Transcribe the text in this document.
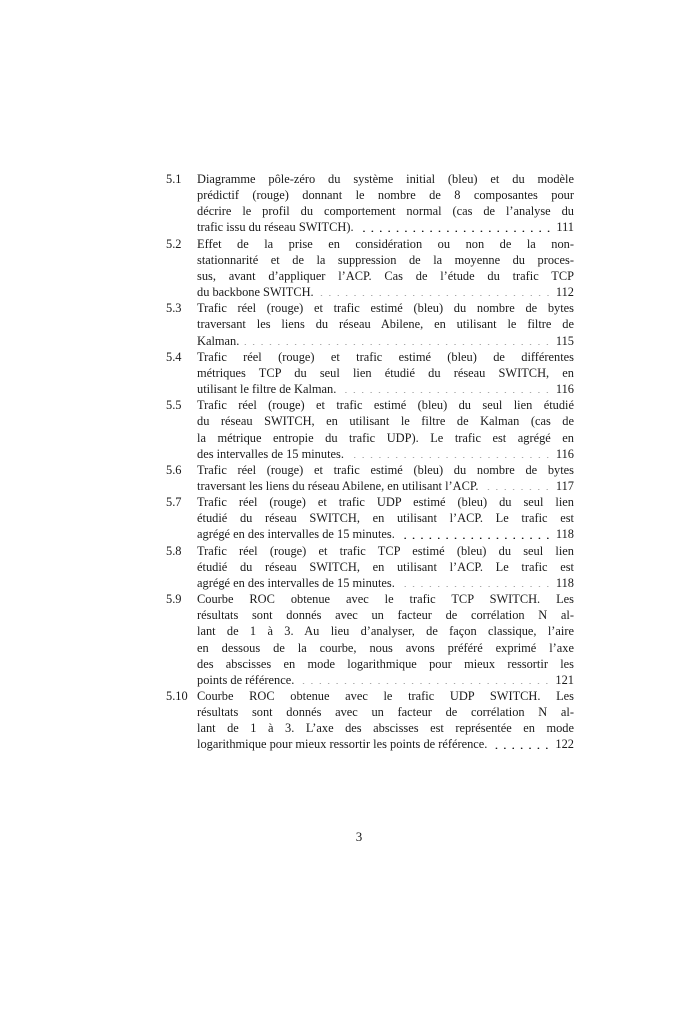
5.1	Diagramme pôle-zéro du système initial (bleu) et du modèle
prédictif (rouge) donnant le nombre de 8 composantes pour
décrire le profil du comportement normal (cas de l’analyse du
trafic issu du réseau SWITCH).	111
5.2	Effet de la prise en considération ou non de la non-
stationnarité et de la suppression de la moyenne du proces-
sus, avant d’appliquer l’ACP. Cas de l’étude du trafic TCP
du backbone SWITCH.	112
5.3	Trafic réel (rouge) et trafic estimé (bleu) du nombre de bytes
traversant les liens du réseau Abilene, en utilisant le filtre de
Kalman.	115
5.4	Trafic réel (rouge) et trafic estimé (bleu) de différentes
métriques TCP du seul lien étudié du réseau SWITCH, en
utilisant le filtre de Kalman.	116
5.5	Trafic réel (rouge) et trafic estimé (bleu) du seul lien étudié
du réseau SWITCH, en utilisant le filtre de Kalman (cas de
la métrique entropie du trafic UDP). Le trafic est agrégé en
des intervalles de 15 minutes.	116
5.6	Trafic réel (rouge) et trafic estimé (bleu) du nombre de bytes
traversant les liens du réseau Abilene, en utilisant l’ACP.	117
5.7	Trafic réel (rouge) et trafic UDP estimé (bleu) du seul lien
étudié du réseau SWITCH, en utilisant l’ACP. Le trafic est
agrégé en des intervalles de 15 minutes.	118
5.8	Trafic réel (rouge) et trafic TCP estimé (bleu) du seul lien
étudié du réseau SWITCH, en utilisant l’ACP. Le trafic est
agrégé en des intervalles de 15 minutes.	118
5.9	Courbe ROC obtenue avec le trafic TCP SWITCH. Les
résultats sont donnés avec un facteur de corrélation N al-
lant de 1 à 3. Au lieu d’analyser, de façon classique, l’aire
en dessous de la courbe, nous avons préféré exprimé l’axe
des abscisses en mode logarithmique pour mieux ressortir les
points de référence.	121
5.10 Courbe ROC obtenue avec le trafic UDP SWITCH. Les
résultats sont donnés avec un facteur de corrélation N al-
lant de 1 à 3. L’axe des abscisses est représentée en mode
logarithmique pour mieux ressortir les points de référence.	122
3
